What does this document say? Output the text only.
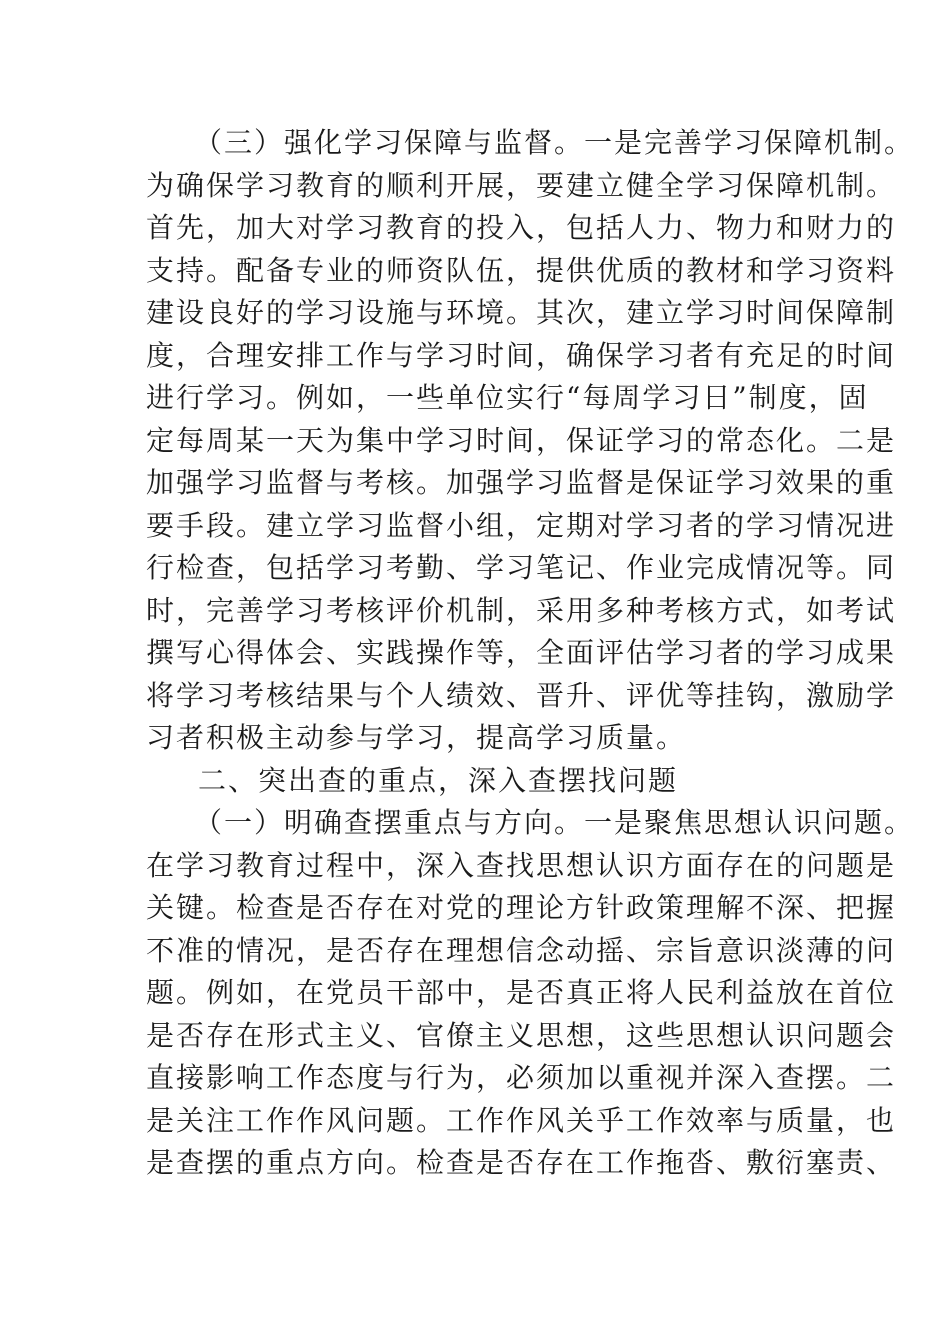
（三）强化学习保障与监督。一是完善学习保障机制。
为确保学习教育的顺利开展，要建立健全学习保障机制。
首先，加大对学习教育的投入，包括人力、物力和财力的
支持。配备专业的师资队伍，提供优质的教材和学习资料
建设良好的学习设施与环境。其次，建立学习时间保障制
度，合理安排工作与学习时间，确保学习者有充足的时间
进行学习。例如，一些单位实行“每周学习日”制度，固
定每周某一天为集中学习时间，保证学习的常态化。二是
加强学习监督与考核。加强学习监督是保证学习效果的重
要手段。建立学习监督小组，定期对学习者的学习情况进
行检查，包括学习考勤、学习笔记、作业完成情况等。同
时，完善学习考核评价机制，采用多种考核方式，如考试
撰写心得体会、实践操作等，全面评估学习者的学习成果
将学习考核结果与个人绩效、晋升、评优等挂钩，激励学
习者积极主动参与学习，提高学习质量。
二、突出查的重点，深入查摆找问题
（一）明确查摆重点与方向。一是聚焦思想认识问题。
在学习教育过程中，深入查找思想认识方面存在的问题是
关键。检查是否存在对党的理论方针政策理解不深、把握
不准的情况，是否存在理想信念动摇、宗旨意识淡薄的问
题。例如，在党员干部中，是否真正将人民利益放在首位
是否存在形式主义、官僚主义思想，这些思想认识问题会
直接影响工作态度与行为，必须加以重视并深入查摆。二
是关注工作作风问题。工作作风关乎工作效率与质量，也
是查摆的重点方向。检查是否存在工作拖沓、敷衍塞责、
